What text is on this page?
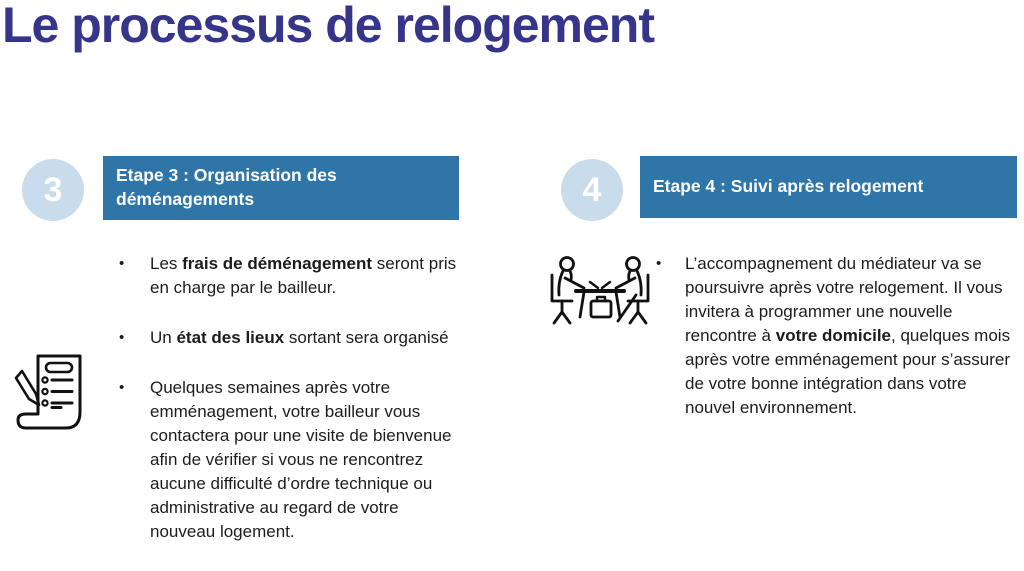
Le processus de relogement
3	Etape 3 : Organisation des déménagements
•	Les frais de déménagement seront pris en charge par le bailleur.
•	Un état des lieux sortant sera organisé
•	Quelques semaines après votre emménagement, votre bailleur vous contactera pour une visite de bienvenue afin de vérifier si vous ne rencontrez aucune difficulté d’ordre technique ou administrative au regard de votre nouveau logement.
4	Etape 4 : Suivi après relogement
•	L’accompagnement du médiateur va se poursuivre après votre relogement. Il vous invitera à programmer une nouvelle rencontre à votre domicile, quelques mois après votre emménagement pour s’assurer de votre bonne intégration dans votre nouvel environnement.
